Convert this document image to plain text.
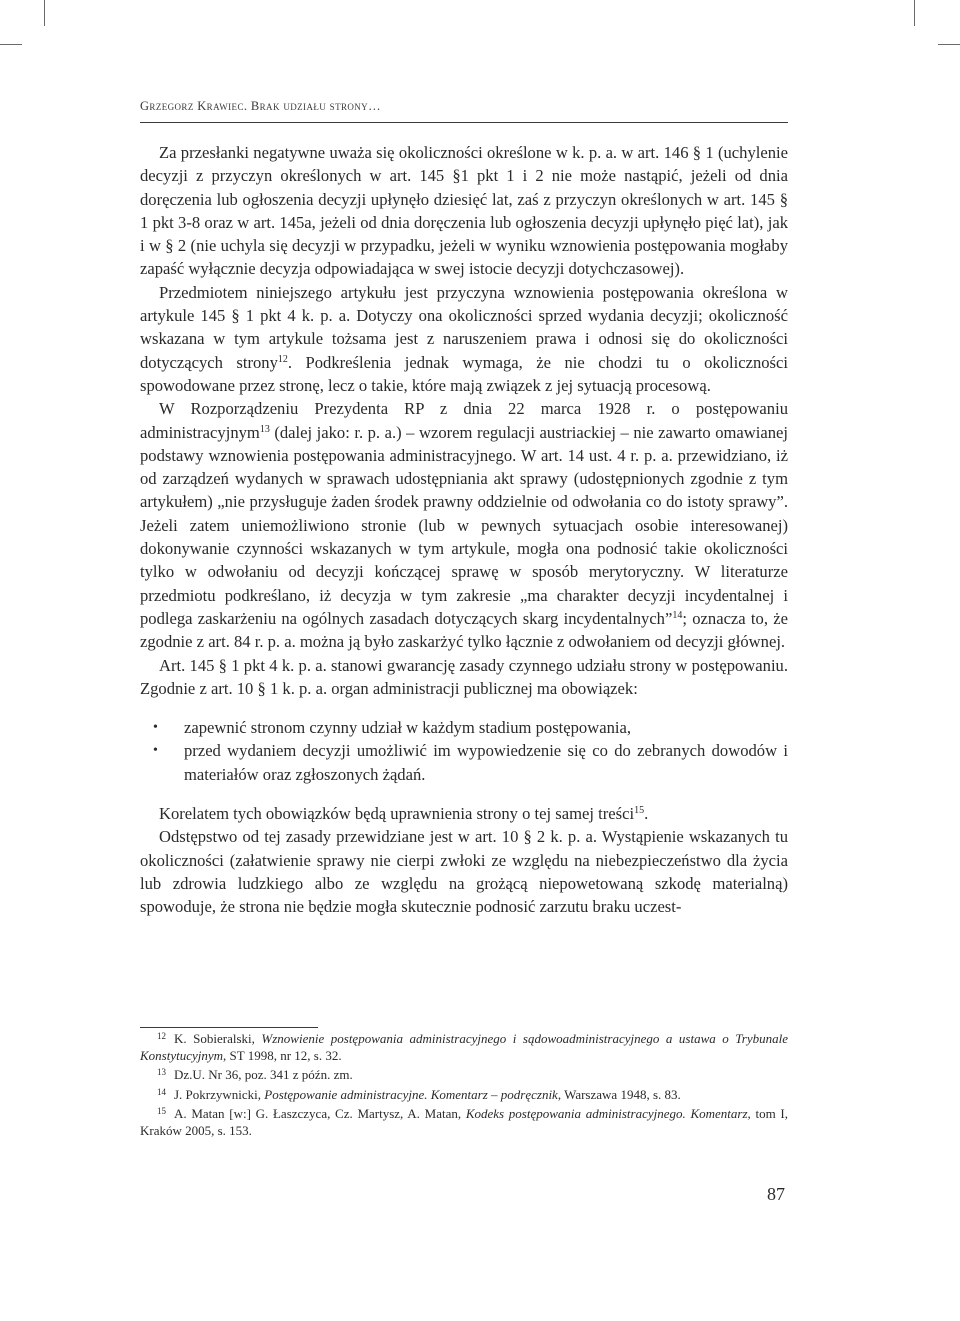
Grzegorz Krawiec. Brak udziału strony…

Za przesłanki negatywne uważa się okoliczności określone w k. p. a. w art. 146 § 1 (uchylenie decyzji z przyczyn określonych w art. 145 §1 pkt 1 i 2 nie może nastąpić, jeżeli od dnia doręczenia lub ogłoszenia decyzji upłynęło dziesięć lat, zaś z przyczyn określonych w art. 145 § 1 pkt 3-8 oraz w art. 145a, jeżeli od dnia doręczenia lub ogłoszenia decyzji upłynęło pięć lat), jak i w § 2 (nie uchyla się decyzji w przypadku, jeżeli w wyniku wznowienia postępowania mogłaby zapaść wyłącznie decyzja odpowiadająca w swej istocie decyzji dotychczasowej).

Przedmiotem niniejszego artykułu jest przyczyna wznowienia postępowania określona w artykule 145 § 1 pkt 4 k. p. a. Dotyczy ona okoliczności sprzed wydania decyzji; okoliczność wskazana w tym artykule tożsama jest z naruszeniem prawa i odnosi się do okoliczności dotyczących strony$^{12}$. Podkreślenia jednak wymaga, że nie chodzi tu o okoliczności spowodowane przez stronę, lecz o takie, które mają związek z jej sytuacją procesową.

W Rozporządzeniu Prezydenta RP z dnia 22 marca 1928 r. o postępowaniu administracyjnym$^{13}$ (dalej jako: r. p. a.) – wzorem regulacji austriackiej – nie zawarto omawianej podstawy wznowienia postępowania administracyjnego. W art. 14 ust. 4 r. p. a. przewidziano, iż od zarządzeń wydanych w sprawach udostępniania akt sprawy (udostępnionych zgodnie z tym artykułem) „nie przysługuje żaden środek prawny oddzielnie od odwołania co do istoty sprawy”. Jeżeli zatem uniemożliwiono stronie (lub w pewnych sytuacjach osobie interesowanej) dokonywanie czynności wskazanych w tym artykule, mogła ona podnosić takie okoliczności tylko w odwołaniu od decyzji kończącej sprawę w sposób merytoryczny. W literaturze przedmiotu podkreślano, iż decyzja w tym zakresie „ma charakter decyzji incydentalnej i podlega zaskarżeniu na ogólnych zasadach dotyczących skarg incydentalnych”$^{14}$; oznacza to, że zgodnie z art. 84 r. p. a. można ją było zaskarżyć tylko łącznie z odwołaniem od decyzji głównej.

Art. 145 § 1 pkt 4 k. p. a. stanowi gwarancję zasady czynnego udziału strony w postępowaniu. Zgodnie z art. 10 § 1 k. p. a. organ administracji publicznej ma obowiązek:

• zapewnić stronom czynny udział w każdym stadium postępowania,
• przed wydaniem decyzji umożliwić im wypowiedzenie się co do zebranych dowodów i materiałów oraz zgłoszonych żądań.

Korelatem tych obowiązków będą uprawnienia strony o tej samej treści$^{15}$.

Odstępstwo od tej zasady przewidziane jest w art. 10 § 2 k. p. a. Wystąpienie wskazanych tu okoliczności (załatwienie sprawy nie cierpi zwłoki ze względu na niebezpieczeństwo dla życia lub zdrowia ludzkiego albo ze względu na grożącą niepowetowaną szkodę materialną) spowoduje, że strona nie będzie mogła skutecznie podnosić zarzutu braku uczest-

$^{12}$ K. Sobieralski, Wznowienie postępowania administracyjnego i sądowoadministracyjnego a ustawa o Trybunale Konstytucyjnym, ST 1998, nr 12, s. 32.

$^{13}$ Dz.U. Nr 36, poz. 341 z późn. zm.

$^{14}$ J. Pokrzywnicki, Postępowanie administracyjne. Komentarz – podręcznik, Warszawa 1948, s. 83.

$^{15}$ A. Matan [w:] G. Łaszczyca, Cz. Martysz, A. Matan, Kodeks postępowania administracyjnego. Komentarz, tom I, Kraków 2005, s. 153.

87
